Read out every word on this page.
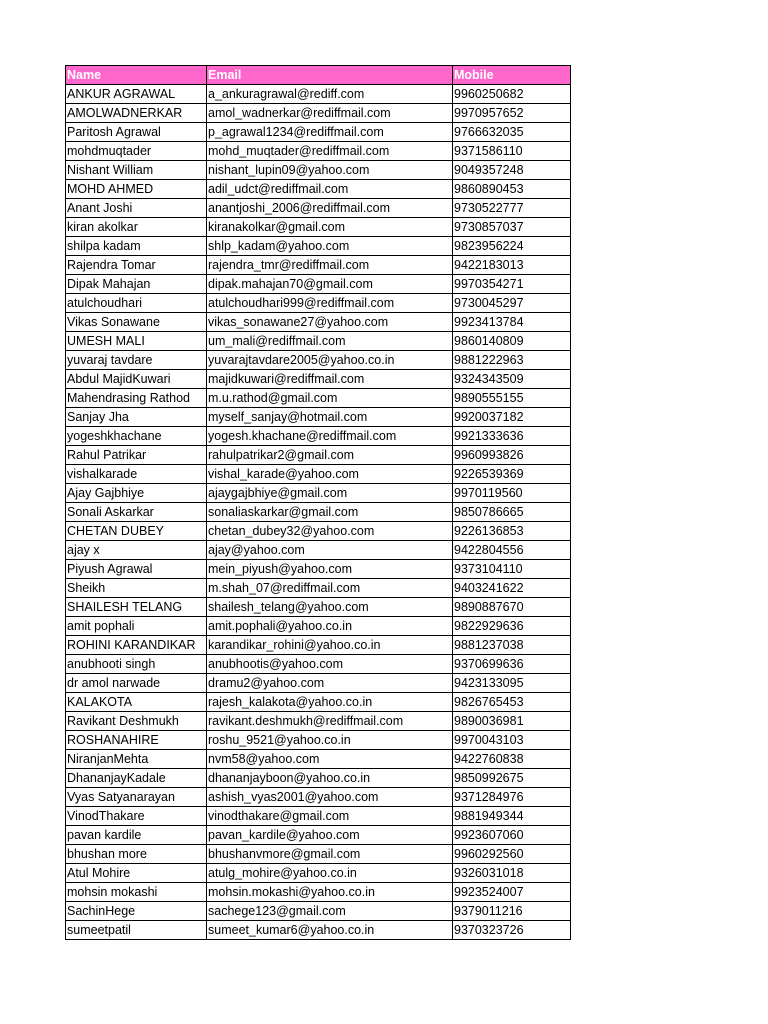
Name	Email	Mobile
ANKUR AGRAWAL	a_ankuragrawal@rediff.com	9960250682
AMOLWADNERKAR	amol_wadnerkar@rediffmail.com	9970957652
Paritosh Agrawal	p_agrawal1234@rediffmail.com	9766632035
mohdmuqtader	mohd_muqtader@rediffmail.com	9371586110
Nishant William	nishant_lupin09@yahoo.com	9049357248
MOHD AHMED	adil_udct@rediffmail.com	9860890453
Anant Joshi	anantjoshi_2006@rediffmail.com	9730522777
kiran akolkar	kiranakolkar@gmail.com	9730857037
shilpa kadam	shlp_kadam@yahoo.com	9823956224
Rajendra Tomar	rajendra_tmr@rediffmail.com	9422183013
Dipak Mahajan	dipak.mahajan70@gmail.com	9970354271
atulchoudhari	atulchoudhari999@rediffmail.com	9730045297
Vikas Sonawane	vikas_sonawane27@yahoo.com	9923413784
UMESH MALI	um_mali@rediffmail.com	9860140809
yuvaraj tavdare	yuvarajtavdare2005@yahoo.co.in	9881222963
Abdul MajidKuwari	majidkuwari@rediffmail.com	9324343509
Mahendrasing Rathod	m.u.rathod@gmail.com	9890555155
Sanjay Jha	myself_sanjay@hotmail.com	9920037182
yogeshkhachane	yogesh.khachane@rediffmail.com	9921333636
Rahul Patrikar	rahulpatrikar2@gmail.com	9960993826
vishalkarade	vishal_karade@yahoo.com	9226539369
Ajay Gajbhiye	ajaygajbhiye@gmail.com	9970119560
Sonali Askarkar	sonaliaskarkar@gmail.com	9850786665
CHETAN DUBEY	chetan_dubey32@yahoo.com	9226136853
ajay x	ajay@yahoo.com	9422804556
Piyush Agrawal	mein_piyush@yahoo.com	9373104110
Sheikh	m.shah_07@rediffmail.com	9403241622
SHAILESH TELANG	shailesh_telang@yahoo.com	9890887670
amit pophali	amit.pophali@yahoo.co.in	9822929636
ROHINI KARANDIKAR	karandikar_rohini@yahoo.co.in	9881237038
anubhooti singh	anubhootis@yahoo.com	9370699636
dr amol narwade	dramu2@yahoo.com	9423133095
KALAKOTA	rajesh_kalakota@yahoo.co.in	9826765453
Ravikant Deshmukh	ravikant.deshmukh@rediffmail.com	9890036981
ROSHANAHIRE	roshu_9521@yahoo.co.in	9970043103
NiranjanMehta	nvm58@yahoo.com	9422760838
DhananjayKadale	dhananjayboon@yahoo.co.in	9850992675
Vyas Satyanarayan	ashish_vyas2001@yahoo.com	9371284976
VinodThakare	vinodthakare@gmail.com	9881949344
pavan kardile	pavan_kardile@yahoo.com	9923607060
bhushan more	bhushanvmore@gmail.com	9960292560
Atul Mohire	atulg_mohire@yahoo.co.in	9326031018
mohsin mokashi	mohsin.mokashi@yahoo.co.in	9923524007
SachinHege	sachege123@gmail.com	9379011216
sumeetpatil	sumeet_kumar6@yahoo.co.in	9370323726
